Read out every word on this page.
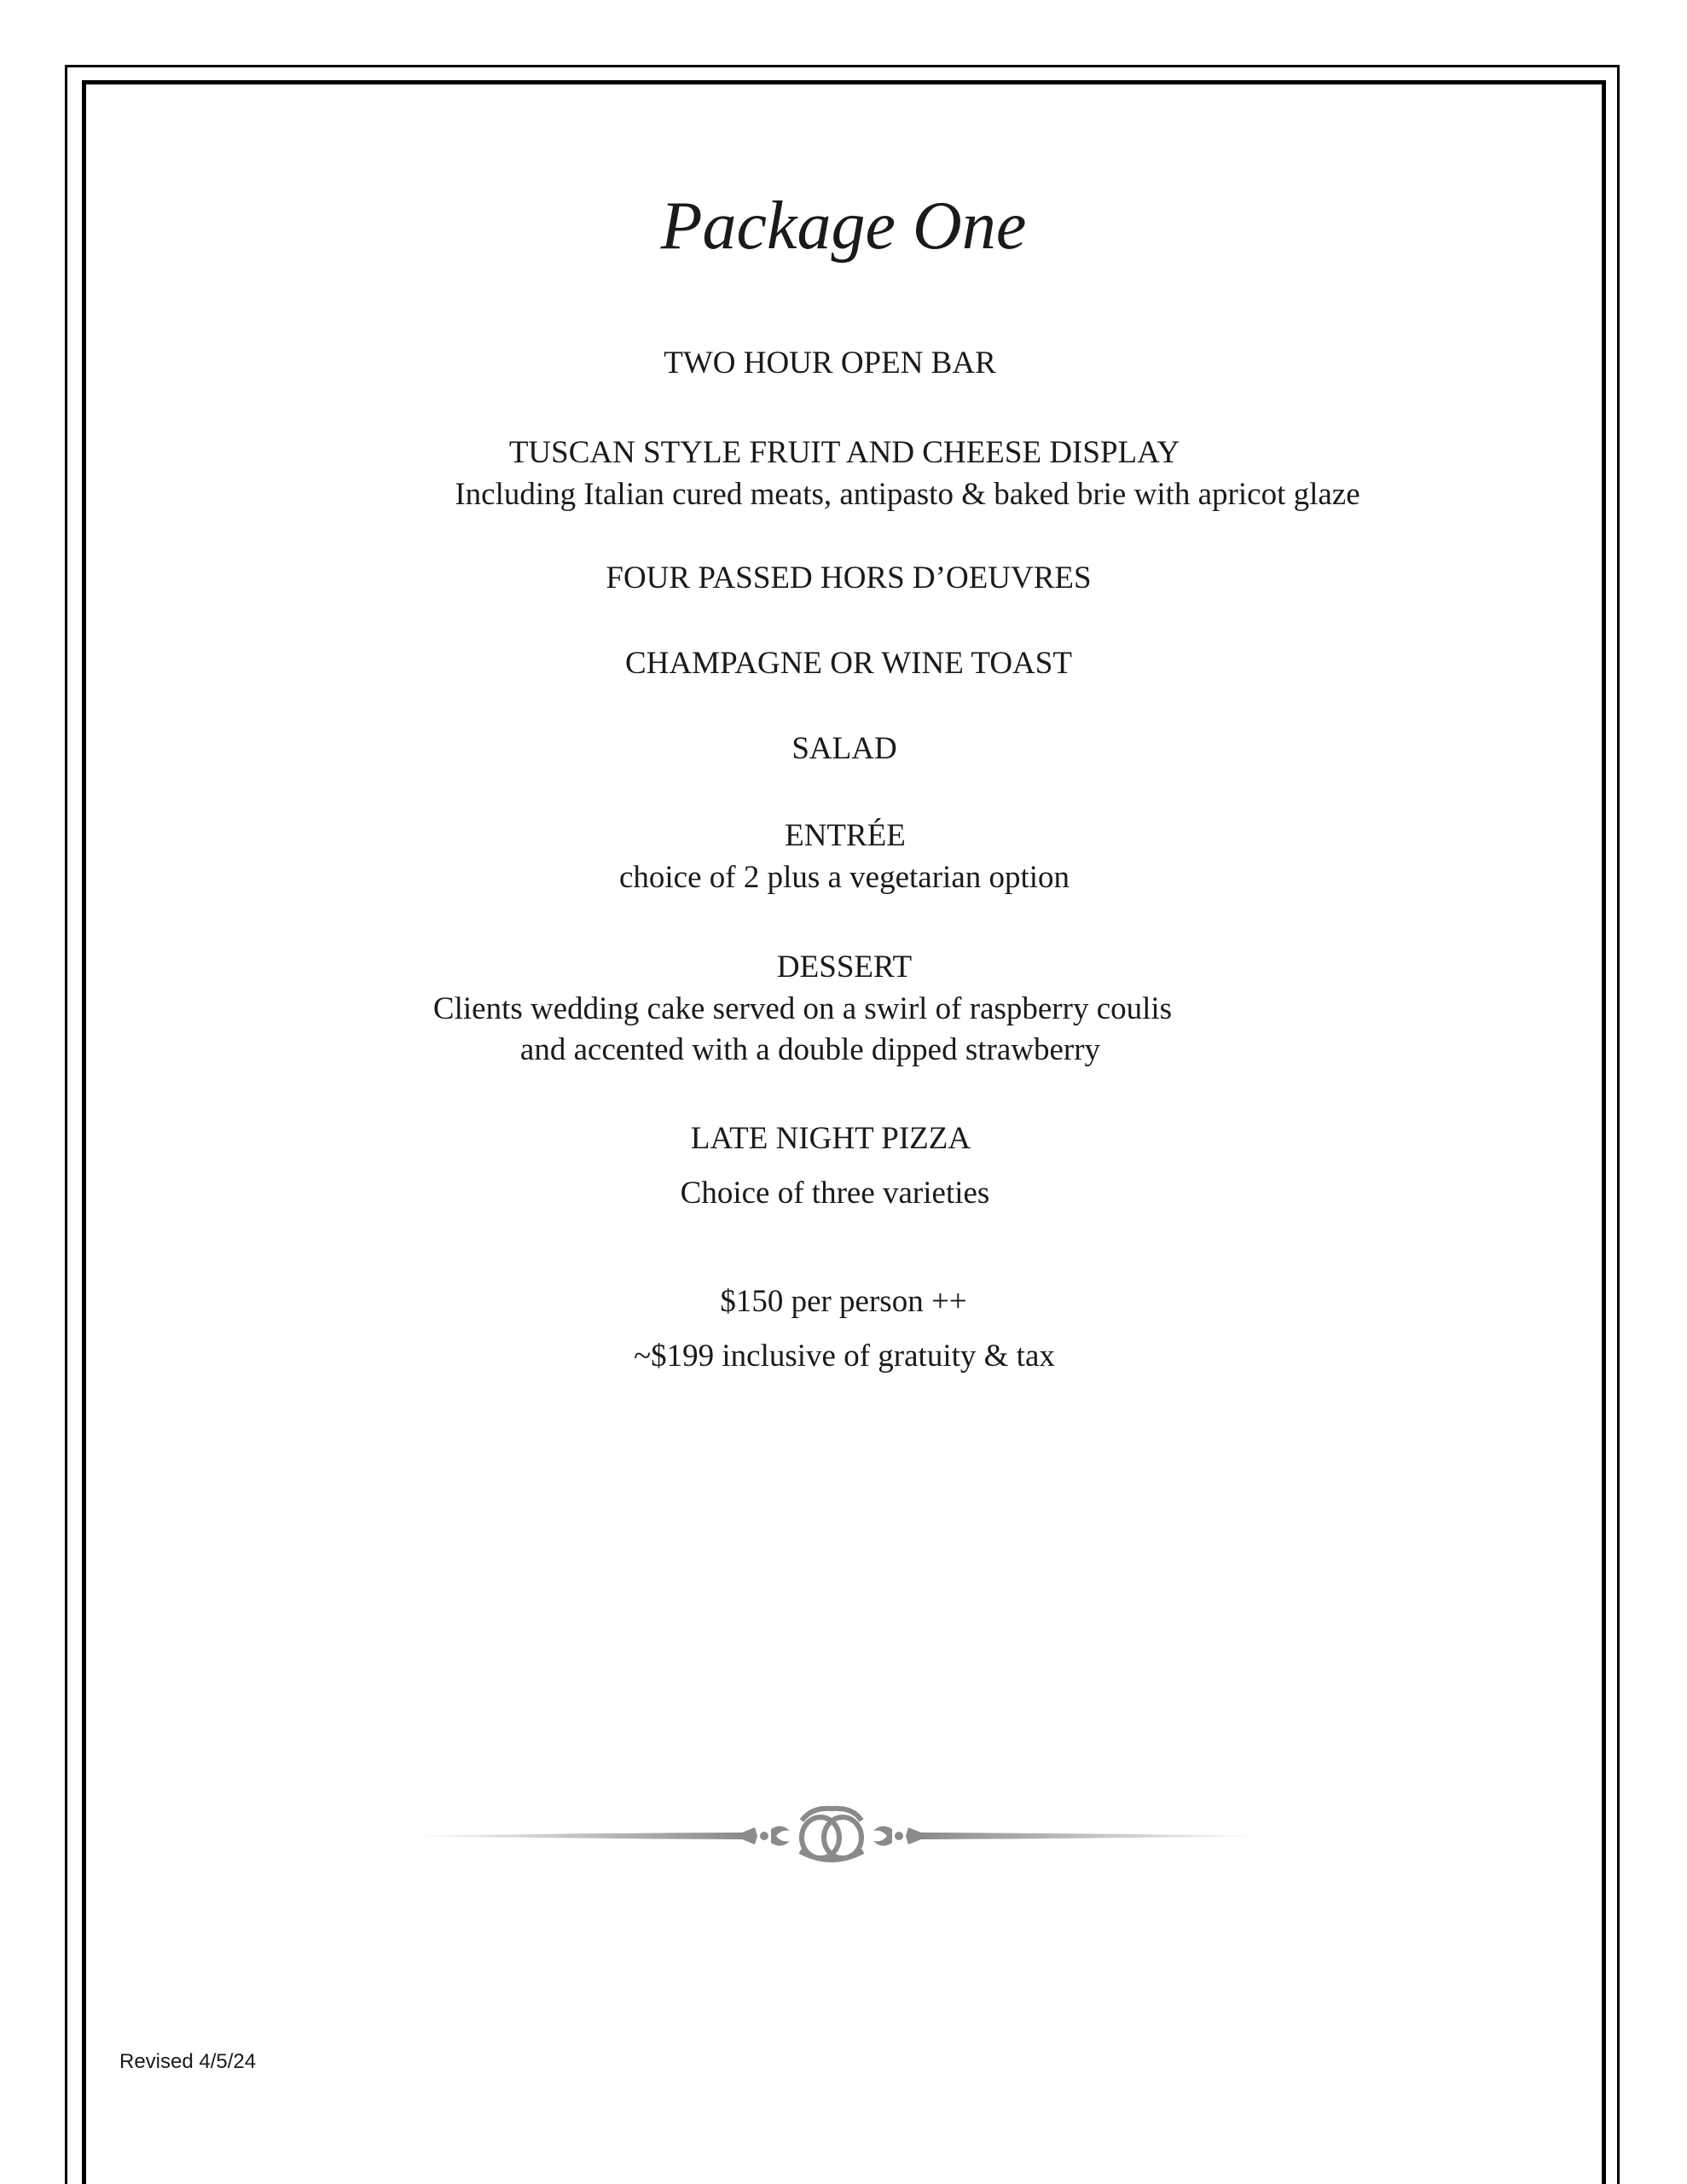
Package One
TWO HOUR OPEN BAR
TUSCAN STYLE FRUIT AND CHEESE DISPLAY
Including Italian cured meats, antipasto & baked brie with apricot glaze
FOUR PASSED HORS D’OEUVRES
CHAMPAGNE OR WINE TOAST
SALAD
ENTRÉE
choice of 2 plus a vegetarian option
DESSERT
Clients wedding cake served on a swirl of raspberry coulis
and accented with a double dipped strawberry
LATE NIGHT PIZZA
Choice of three varieties
$150 per person ++
~$199 inclusive of gratuity & tax
Revised 4/5/24
